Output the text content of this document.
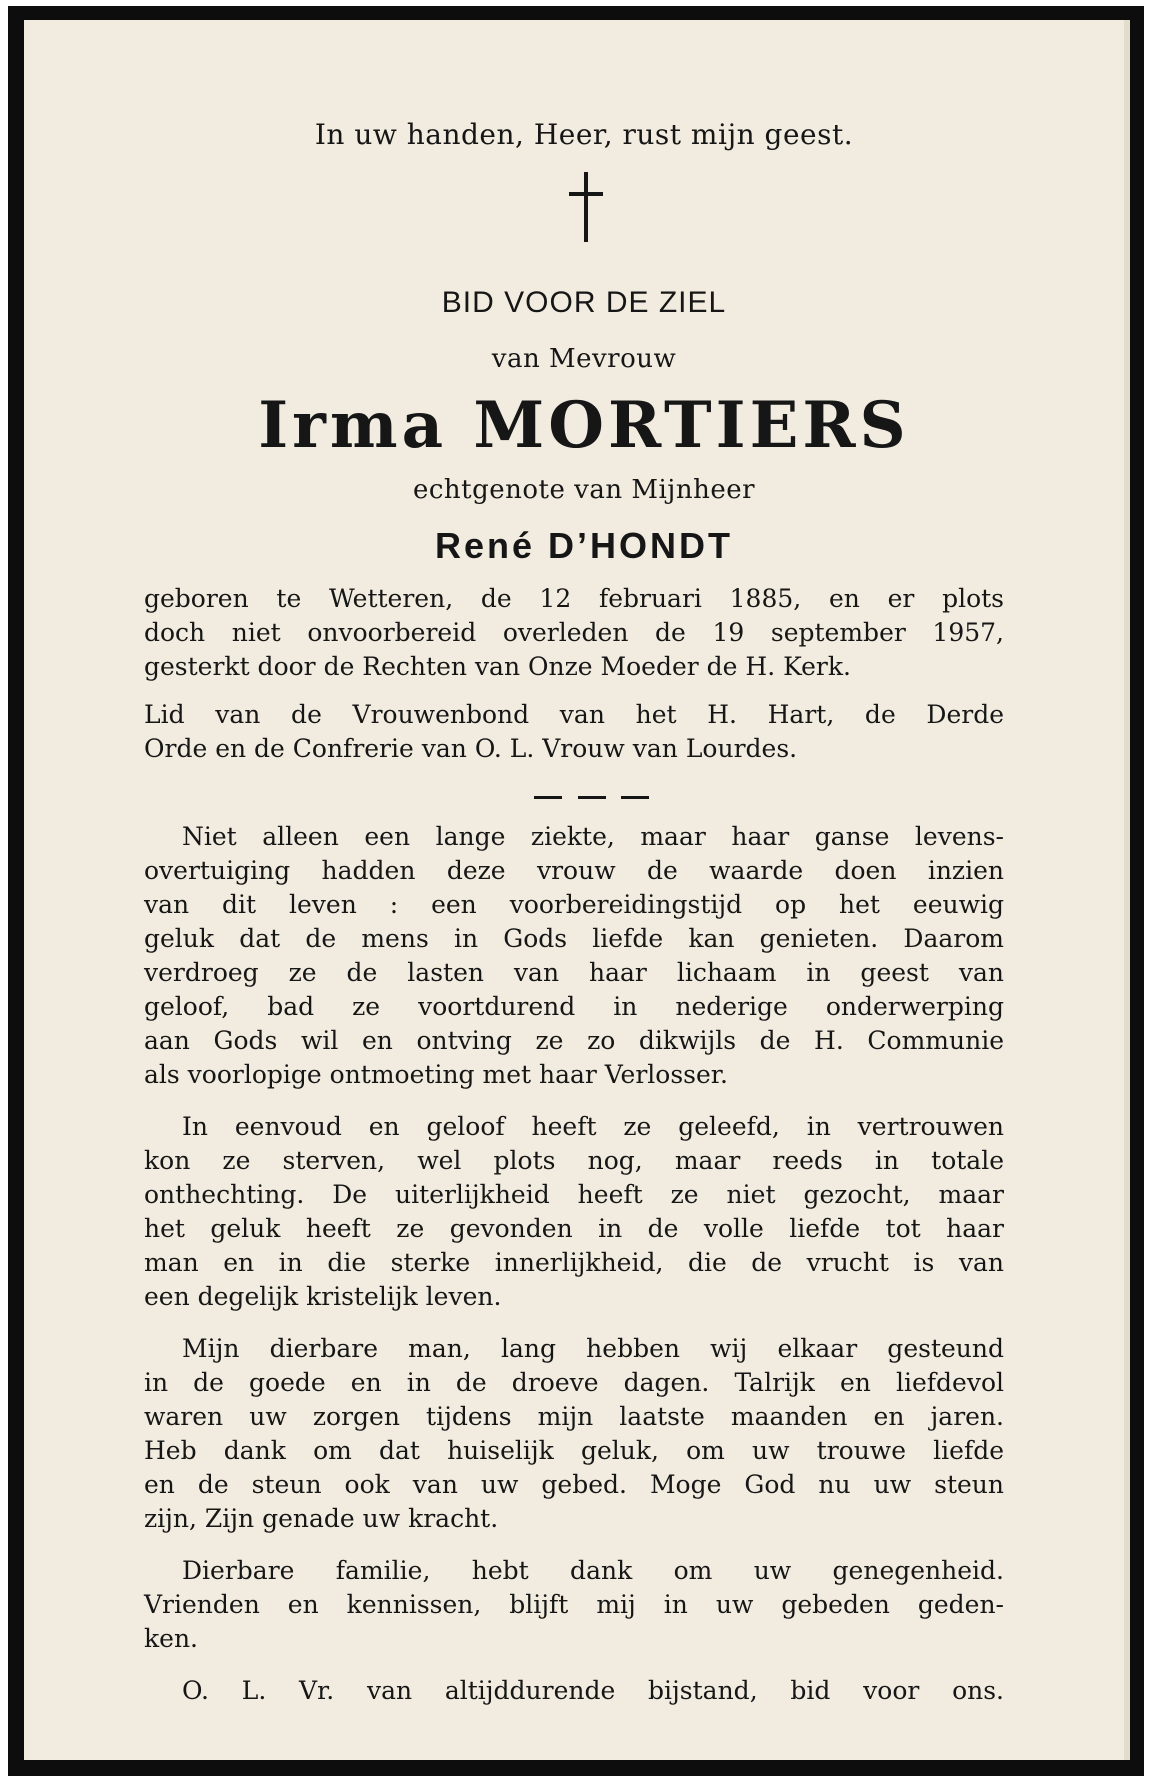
In uw handen, Heer, rust mijn geest.
BID VOOR DE ZIEL
van Mevrouw
Irma MORTIERS
echtgenote van Mijnheer
René D’HONDT
geboren te Wetteren, de 12 februari 1885, en er plots
doch niet onvoorbereid overleden de 19 september 1957,
gesterkt door de Rechten van Onze Moeder de H. Kerk.
Lid van de Vrouwenbond van het H. Hart, de Derde
Orde en de Confrerie van O. L. Vrouw van Lourdes.
Niet alleen een lange ziekte, maar haar ganse levens-
overtuiging hadden deze vrouw de waarde doen inzien
van dit leven : een voorbereidingstijd op het eeuwig
geluk dat de mens in Gods liefde kan genieten. Daarom
verdroeg ze de lasten van haar lichaam in geest van
geloof, bad ze voortdurend in nederige onderwerping
aan Gods wil en ontving ze zo dikwijls de H. Communie
als voorlopige ontmoeting met haar Verlosser.
In eenvoud en geloof heeft ze geleefd, in vertrouwen
kon ze sterven, wel plots nog, maar reeds in totale
onthechting. De uiterlijkheid heeft ze niet gezocht, maar
het geluk heeft ze gevonden in de volle liefde tot haar
man en in die sterke innerlijkheid, die de vrucht is van
een degelijk kristelijk leven.
Mijn dierbare man, lang hebben wij elkaar gesteund
in de goede en in de droeve dagen. Talrijk en liefdevol
waren uw zorgen tijdens mijn laatste maanden en jaren.
Heb dank om dat huiselijk geluk, om uw trouwe liefde
en de steun ook van uw gebed. Moge God nu uw steun
zijn, Zijn genade uw kracht.
Dierbare familie, hebt dank om uw genegenheid.
Vrienden en kennissen, blijft mij in uw gebeden geden-
ken.
O. L. Vr. van altijddurende bijstand, bid voor ons.
